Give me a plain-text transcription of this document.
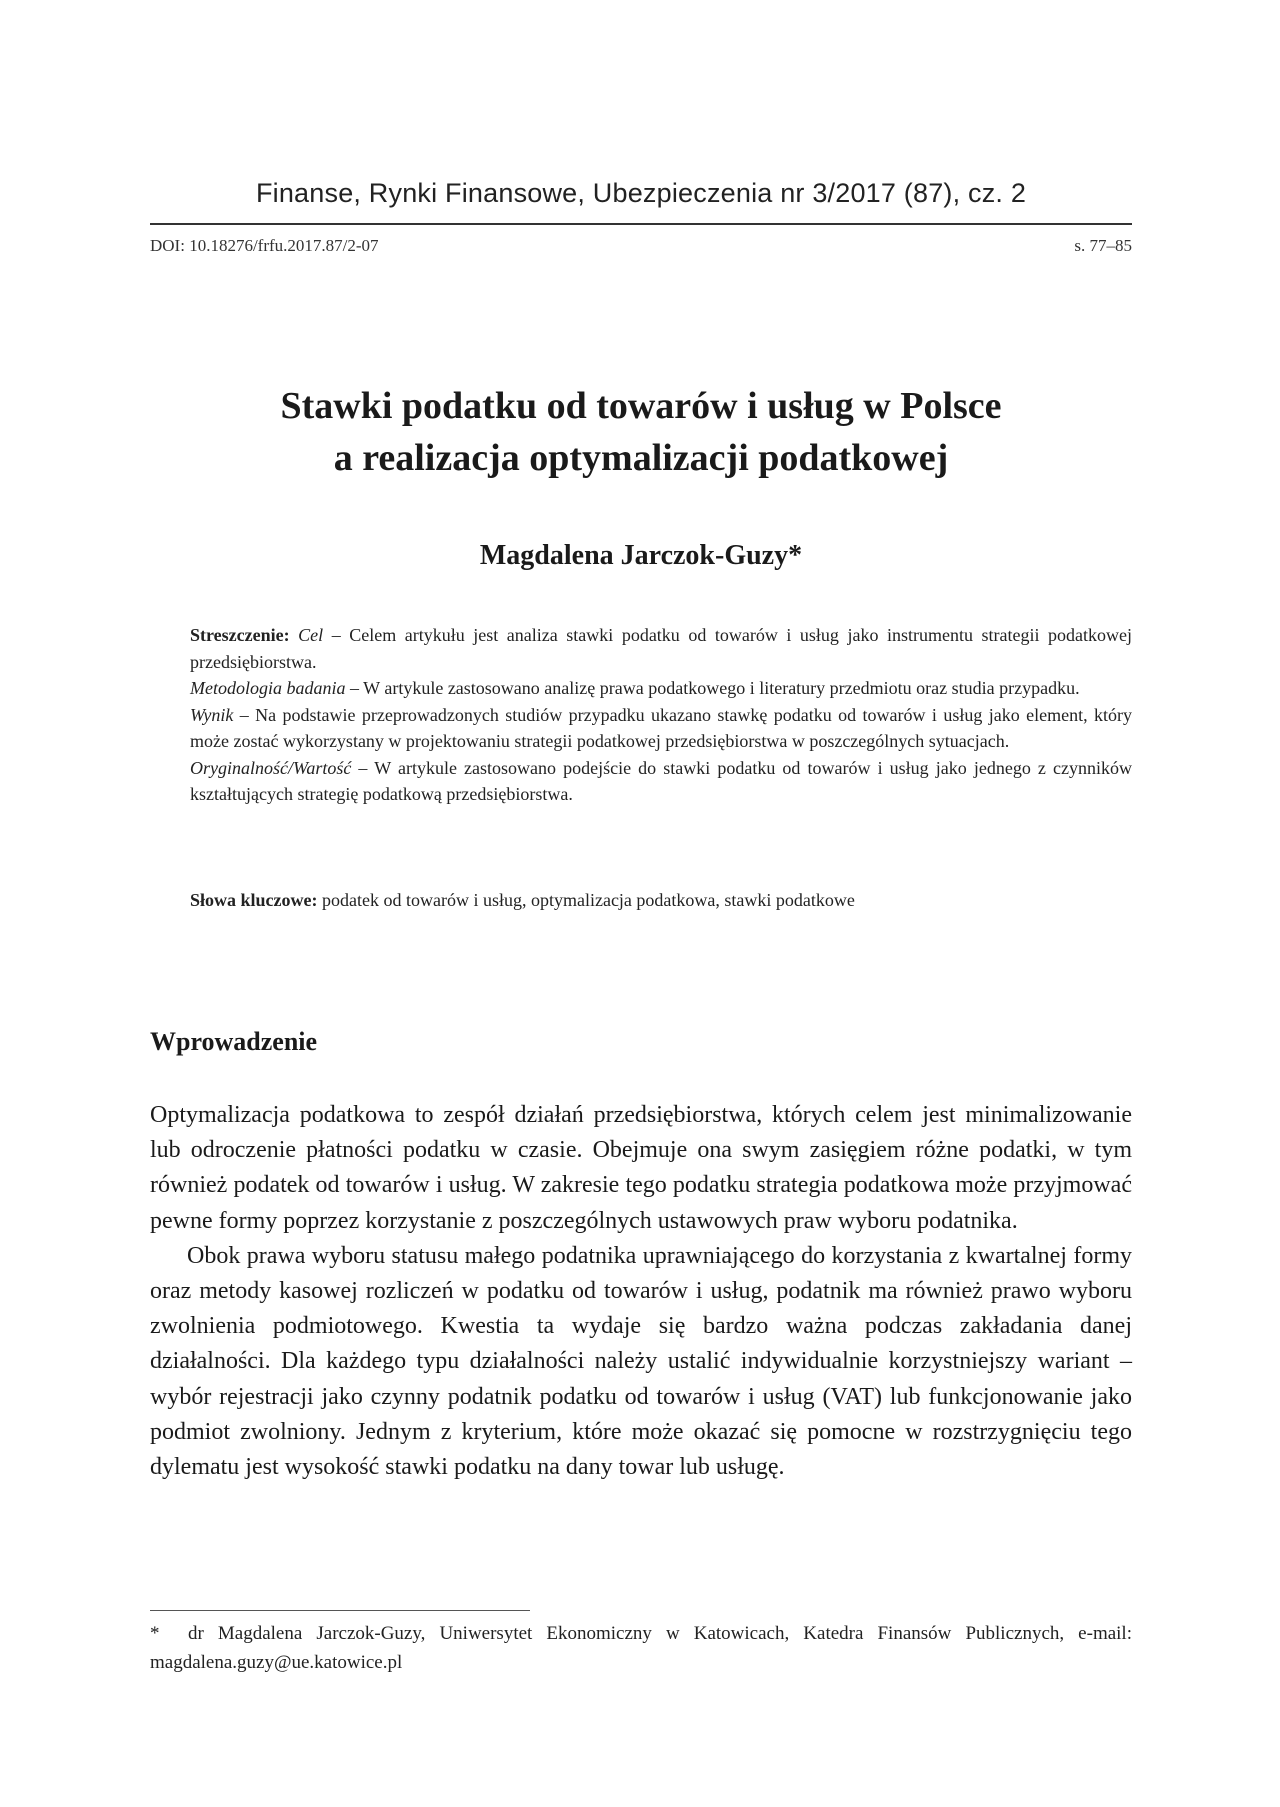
Finanse, Rynki Finansowe, Ubezpieczenia nr 3/2017 (87), cz. 2
DOI: 10.18276/frfu.2017.87/2-07	s. 77–85
Stawki podatku od towarów i usług w Polsce
a realizacja optymalizacji podatkowej
Magdalena Jarczok-Guzy*

Streszczenie: Cel – Celem artykułu jest analiza stawki podatku od towarów i usług jako instrumentu strategii podatkowej przedsiębiorstwa.

Metodologia badania – W artykule zastosowano analizę prawa podatkowego i literatury przedmiotu oraz studia przypadku.

Wynik – Na podstawie przeprowadzonych studiów przypadku ukazano stawkę podatku od towarów i usług jako element, który może zostać wykorzystany w projektowaniu strategii podatkowej przedsiębiorstwa w poszczególnych sytuacjach.

Oryginalność/Wartość – W artykule zastosowano podejście do stawki podatku od towarów i usług jako jednego z czynników kształtujących strategię podatkową przedsiębiorstwa.

Słowa kluczowe: podatek od towarów i usług, optymalizacja podatkowa, stawki podatkowe
Wprowadzenie

Optymalizacja podatkowa to zespół działań przedsiębiorstwa, których celem jest minimalizowanie lub odroczenie płatności podatku w czasie. Obejmuje ona swym zasięgiem różne podatki, w tym również podatek od towarów i usług. W zakresie tego podatku strategia podatkowa może przyjmować pewne formy poprzez korzystanie z poszczególnych ustawowych praw wyboru podatnika.

Obok prawa wyboru statusu małego podatnika uprawniającego do korzystania z kwartalnej formy oraz metody kasowej rozliczeń w podatku od towarów i usług, podatnik ma również prawo wyboru zwolnienia podmiotowego. Kwestia ta wydaje się bardzo ważna podczas zakładania danej działalności. Dla każdego typu działalności należy ustalić indywidualnie korzystniejszy wariant – wybór rejestracji jako czynny podatnik podatku od towarów i usług (VAT) lub funkcjonowanie jako podmiot zwolniony. Jednym z kryterium, które może okazać się pomocne w rozstrzygnięciu tego dylematu jest wysokość stawki podatku na dany towar lub usługę.

* dr Magdalena Jarczok-Guzy, Uniwersytet Ekonomiczny w Katowicach, Katedra Finansów Publicznych, e-mail: magdalena.guzy@ue.katowice.pl
